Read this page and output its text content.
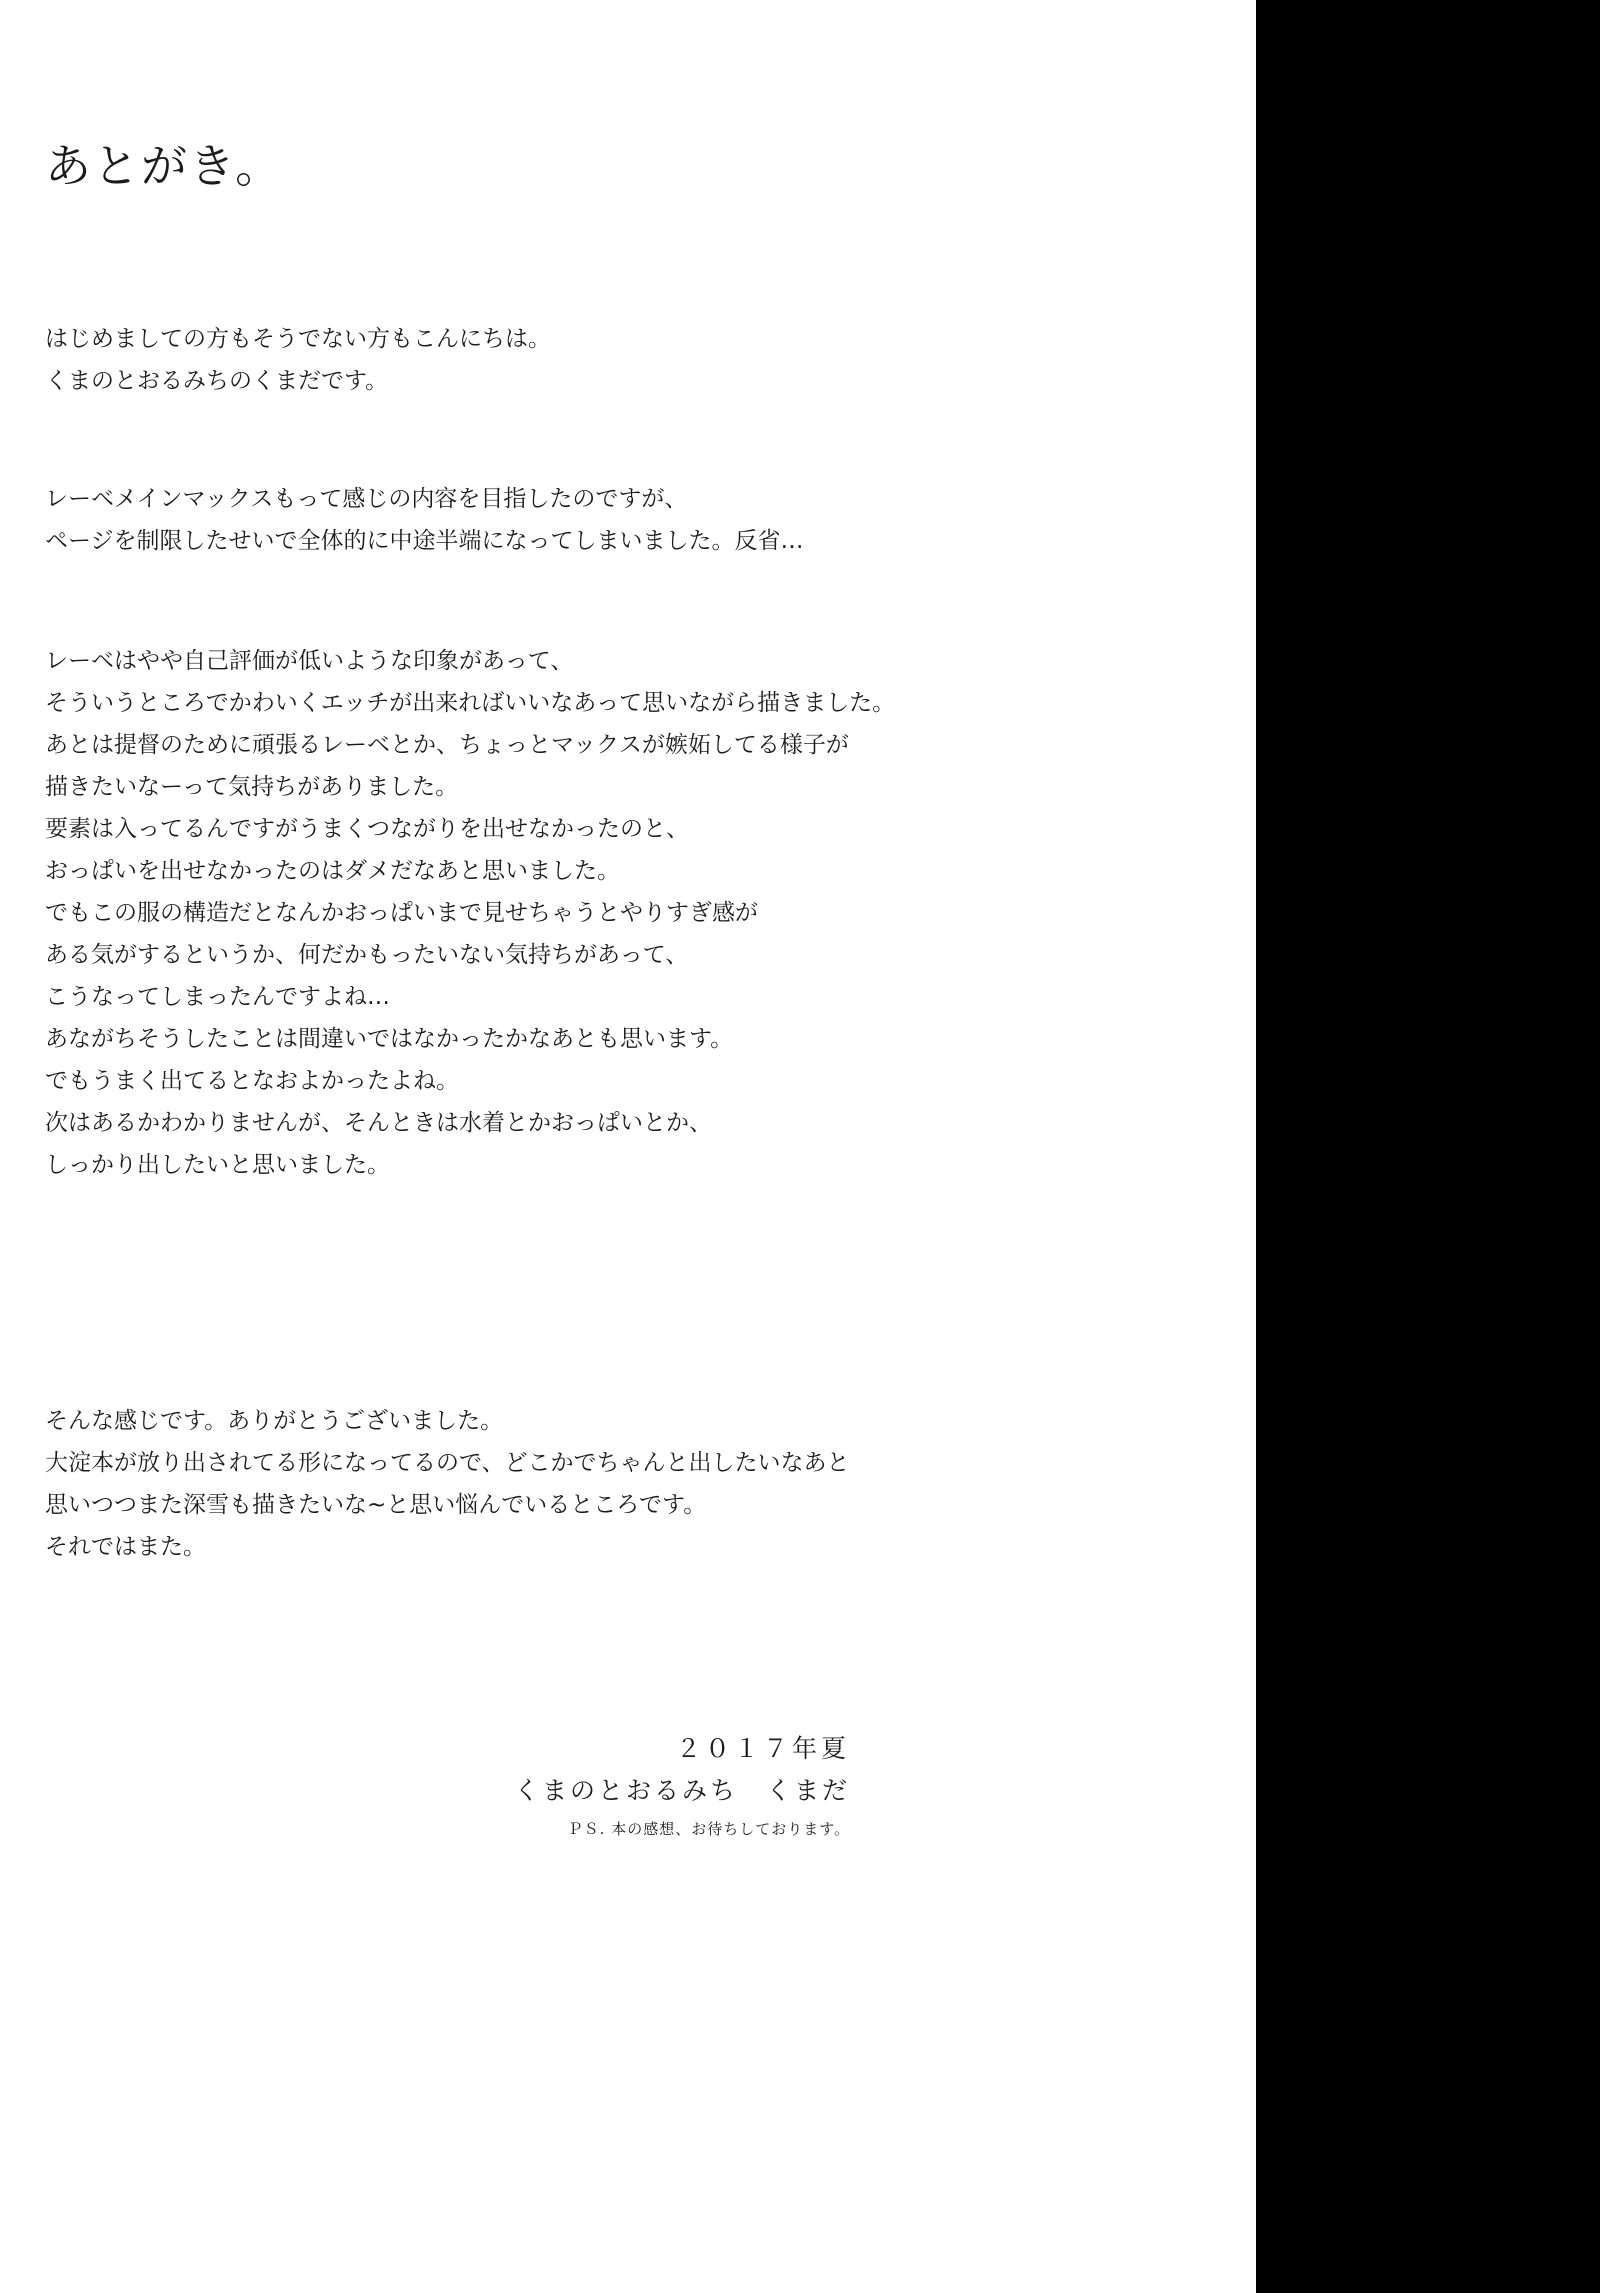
あとがき。

はじめましての方もそうでない方もこんにちは。

くまのとおるみちのくまだです。

レーベメインマックスもって感じの内容を目指したのですが、

ページを制限したせいで全体的に中途半端になってしまいました。反省…

レーベはやや自己評価が低いような印象があって、

そういうところでかわいくエッチが出来ればいいなあって思いながら描きました。

あとは提督のために頑張るレーベとか、ちょっとマックスが嫉妬してる様子が

描きたいなーって気持ちがありました。

要素は入ってるんですがうまくつながりを出せなかったのと、

おっぱいを出せなかったのはダメだなあと思いました。

でもこの服の構造だとなんかおっぱいまで見せちゃうとやりすぎ感が

ある気がするというか、何だかもったいない気持ちがあって、

こうなってしまったんですよね…

あながちそうしたことは間違いではなかったかなあとも思います。

でもうまく出てるとなおよかったよね。

次はあるかわかりませんが、そんときは水着とかおっぱいとか、

しっかり出したいと思いました。

そんな感じです。ありがとうございました。

大淀本が放り出されてる形になってるので、どこかでちゃんと出したいなあと

思いつつまた深雪も描きたいな~と思い悩んでいるところです。

それではまた。

２０１７年夏
くまのとおるみち　くまだ
ＰＳ. 本の感想、お待ちしております。
